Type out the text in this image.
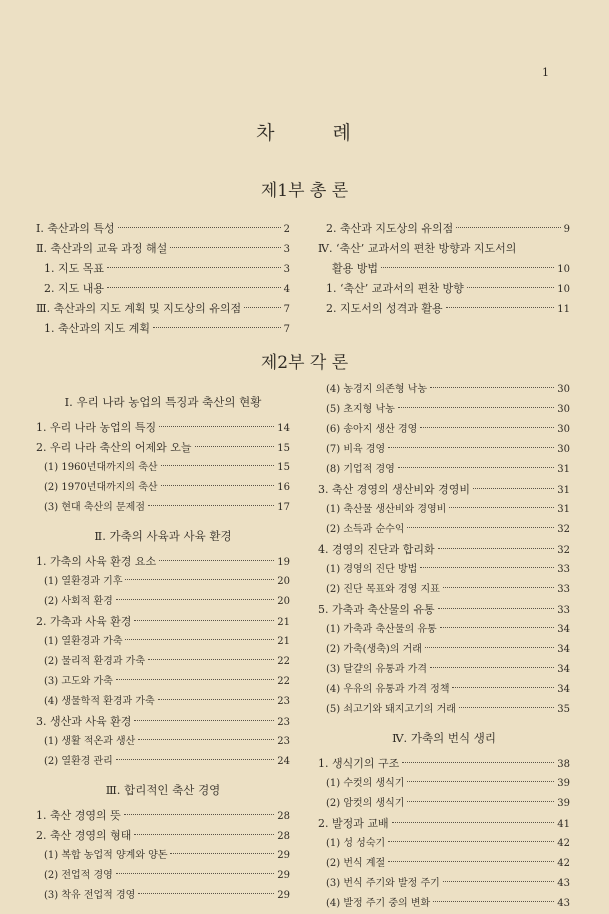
1
차	례
제1부 총 론
Ⅰ. 축산과의 특성	2
Ⅱ. 축산과의 교육 과정 해설	3
1. 지도 목표	3
2. 지도 내용	4
Ⅲ. 축산과의 지도 계획 및 지도상의 유의점	7
1. 축산과의 지도 계획	7
2. 축산과 지도상의 유의점	9
Ⅳ. ‘축산’ 교과서의 편찬 방향과 지도서의
활용 방법	10
1. ‘축산’ 교과서의 편찬 방향	10
2. 지도서의 성격과 활용	11
제2부 각 론
Ⅰ. 우리 나라 농업의 특징과 축산의 현황
1. 우리 나라 농업의 특징	14
2. 우리 나라 축산의 어제와 오늘	15
(1) 1960년대까지의 축산	15
(2) 1970년대까지의 축산	16
(3) 현대 축산의 문제점	17
Ⅱ. 가축의 사육과 사육 환경
1. 가축의 사육 환경 요소	19
(1) 열환경과 기후	20
(2) 사회적 환경	20
2. 가축과 사육 환경	21
(1) 열환경과 가축	21
(2) 물리적 환경과 가축	22
(3) 고도와 가축	22
(4) 생물학적 환경과 가축	23
3. 생산과 사육 환경	23
(1) 생활 적온과 생산	23
(2) 열환경 관리	24
Ⅲ. 합리적인 축산 경영
1. 축산 경영의 뜻	28
2. 축산 경영의 형태	28
(1) 복합 농업적 양계와 양돈	29
(2) 전업적 경영	29
(3) 착유 전업적 경영	29
(4) 농경지 의존형 낙농	30
(5) 초지형 낙농	30
(6) 송아지 생산 경영	30
(7) 비육 경영	30
(8) 기업적 경영	31
3. 축산 경영의 생산비와 경영비	31
(1) 축산물 생산비와 경영비	31
(2) 소득과 순수익	32
4. 경영의 진단과 합리화	32
(1) 경영의 진단 방법	33
(2) 진단 목표와 경영 지표	33
5. 가축과 축산물의 유통	33
(1) 가축과 축산물의 유통	34
(2) 가축(생축)의 거래	34
(3) 달걀의 유통과 가격	34
(4) 우유의 유통과 가격 정책	34
(5) 쇠고기와 돼지고기의 거래	35
Ⅳ. 가축의 번식 생리
1. 생식기의 구조	38
(1) 수컷의 생식기	39
(2) 암컷의 생식기	39
2. 발정과 교배	41
(1) 성 성숙기	42
(2) 번식 계절	42
(3) 번식 주기와 발정 주기	43
(4) 발정 주기 중의 변화	43
